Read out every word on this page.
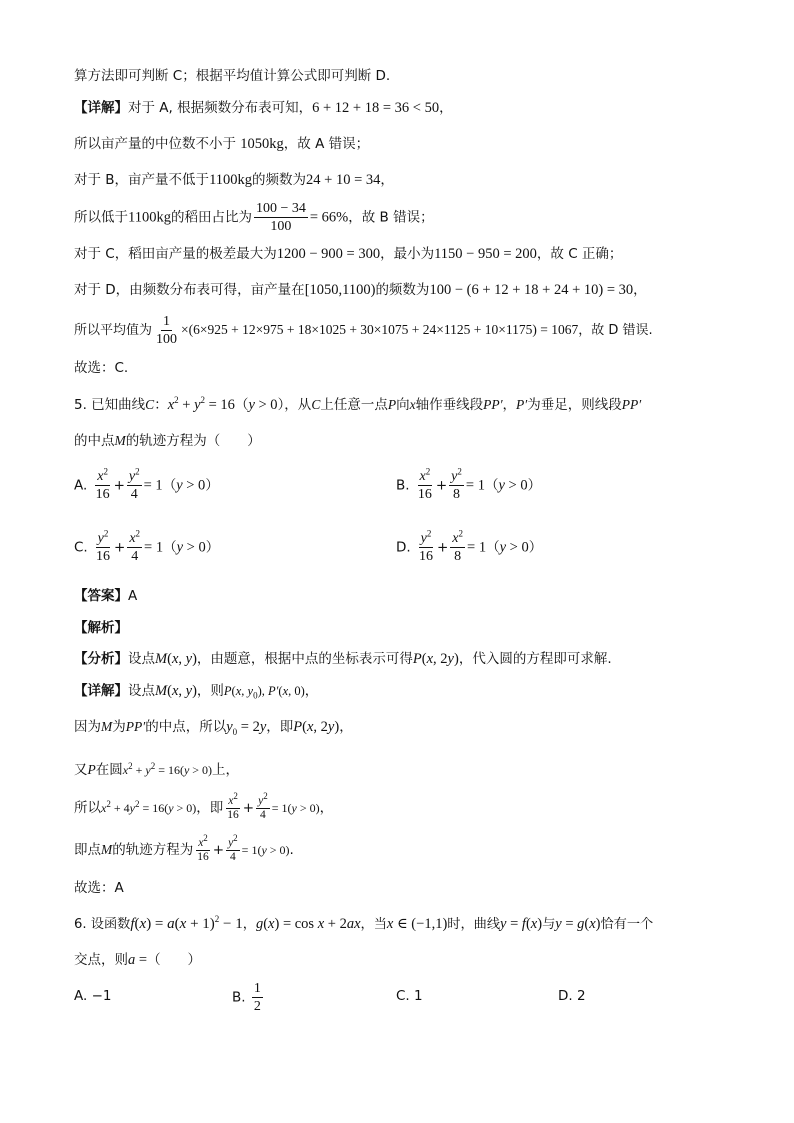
算方法即可判断 C；根据平均值计算公式即可判断 D.
【详解】对于 A, 根据频数分布表可知，6 + 12 + 18 = 36 < 50，
所以亩产量的中位数不小于 1050kg，故 A 错误；
对于 B，亩产量不低于1100kg的频数为24 + 10 = 34，
所以低于1100kg的稻田占比为 $\frac{100 - 34}{100} = 66\%$，故 B 错误；
对于 C，稻田亩产量的极差最大为1200 − 900 = 300，最小为1150 − 950 = 200，故 C 正确；
对于 D，由频数分布表可得，亩产量在[1050,1100)的频数为100 − (6 + 12 + 18 + 24 + 10) = 30，
所以平均值为 $\frac{1}{100} \times(6\times 925 + 12\times 975 + 18\times 1025 + 30\times 1075 + 24\times 1125 + 10\times 1175) = 1067$，故 D 错误.
故选：C.
5. 已知曲线C：$x^2 + y^2 = 16(y > 0)$，从C上任意一点P向x轴作垂线段PP′，P′为垂足，则线段PP′
的中点M的轨迹方程为（　　）
A. $\frac{x^2}{16} + \frac{y^2}{4} = 1(y > 0)$	B. $\frac{x^2}{16} + \frac{y^2}{8} = 1(y > 0)$
C. $\frac{y^2}{16} + \frac{x^2}{4} = 1(y > 0)$	D. $\frac{y^2}{16} + \frac{x^2}{8} = 1(y > 0)$
【答案】A
【解析】
【分析】设点M(x, y)，由题意，根据中点的坐标表示可得P(x, 2y)，代入圆的方程即可求解.
【详解】设点M(x, y)，则P(x, $y_0$), P′(x, 0)，
因为M为PP′的中点，所以$y_0 = 2y$，即P(x, 2y)，
又P在圆$x^2 + y^2 = 16(y > 0)$上，
所以$x^2 + 4y^2 = 16(y > 0)$，即 $\frac{x^2}{16} + \frac{y^2}{4} = 1(y > 0)$，
即点M的轨迹方程为 $\frac{x^2}{16} + \frac{y^2}{4} = 1(y > 0)$.
故选：A
6. 设函数$f(x) = a(x + 1)^2 - 1$，g(x) = cos x + 2ax，当x ∈ (−1,1)时，曲线y = f(x)与y = g(x)恰有一个
交点，则a =（　　）
A. −1	B. $\frac{1}{2}$	C. 1	D. 2
